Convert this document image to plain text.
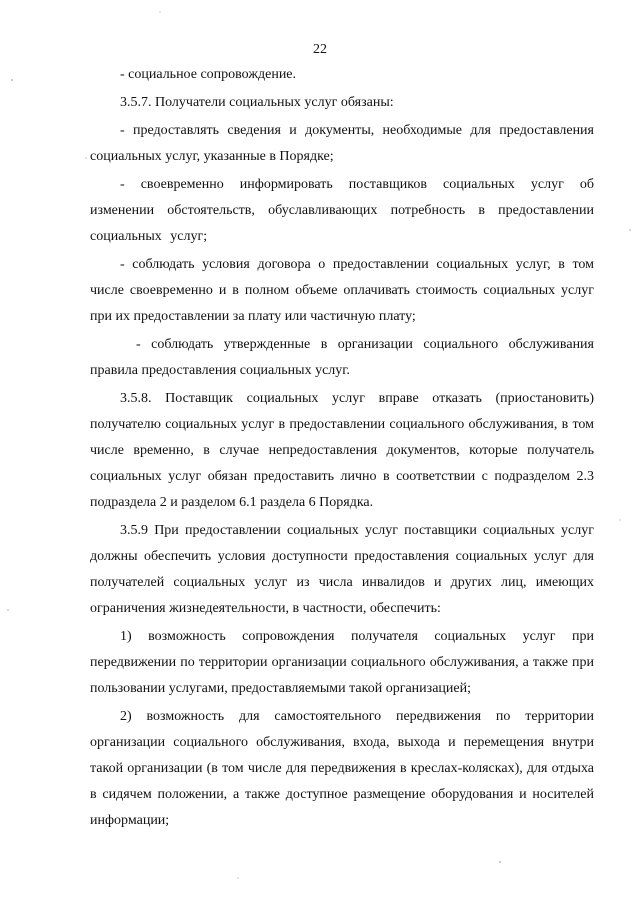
22

- социальное сопровождение.

3.5.7. Получатели социальных услуг обязаны:

- предоставлять сведения и документы, необходимые для предоставления социальных услуг, указанные в Порядке;

- своевременно информировать поставщиков социальных услуг об изменении обстоятельств, обуславливающих потребность в предоставлении социальных услуг;

- соблюдать условия договора о предоставлении социальных услуг, в том числе своевременно и в полном объеме оплачивать стоимость социальных услуг при их предоставлении за плату или частичную плату;

- соблюдать утвержденные в организации социального обслуживания правила предоставления социальных услуг.

3.5.8. Поставщик социальных услуг вправе отказать (приостановить) получателю социальных услуг в предоставлении социального обслуживания, в том числе временно, в случае непредоставления документов, которые получатель социальных услуг обязан предоставить лично в соответствии с подразделом 2.3 подраздела 2 и разделом 6.1 раздела 6 Порядка.

3.5.9 При предоставлении социальных услуг поставщики социальных услуг должны обеспечить условия доступности предоставления социальных услуг для получателей социальных услуг из числа инвалидов и других лиц, имеющих ограничения жизнедеятельности, в частности, обеспечить:

1) возможность сопровождения получателя социальных услуг при передвижении по территории организации социального обслуживания, а также при пользовании услугами, предоставляемыми такой организацией;

2) возможность для самостоятельного передвижения по территории организации социального обслуживания, входа, выхода и перемещения внутри такой организации (в том числе для передвижения в креслах-колясках), для отдыха в сидячем положении, а также доступное размещение оборудования и носителей информации;
